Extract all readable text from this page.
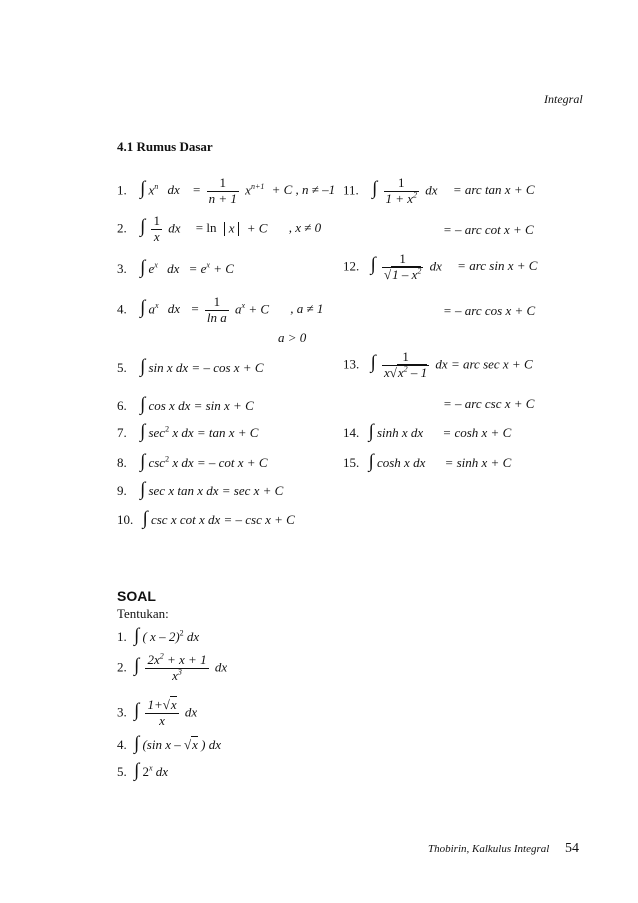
Integral
4.1 Rumus Dasar
1. ∫ $x^n$ dx = $\frac{1}{n + 1} x^{n+1} + C$ , n ≠ –1
2. ∫ $\frac{1}{x}$ dx = ln x + C , x ≠ 0
3. ∫ $e^x$ dx = $e^x + C$
4. ∫ $a^x$ dx = $\frac{1}{\text{ln a}} a^x + C$ , a ≠ 1
a > 0
5. ∫ sin x dx = – cos x + C
6. ∫ cos x dx = sin x + C
7. ∫ $\sec^2 x$ dx = tan x + C
8. ∫ $\csc^2 x$ dx = – cot x + C
9. ∫ sec x tan x dx = sec x + C
10. ∫ csc x cot x dx = – csc x + C
11. ∫ $\frac{1}{1 + x^2}$ dx = arc tan x + C
= – arc cot x + C
12. ∫ $\frac{1}{√1 - x^2}$ dx = arc sin x + C
= – arc cos x + C
13. ∫ $\frac{1}{x√x^2 - 1}$ dx = arc sec x + C
= – arc csc x + C
14. ∫ sinh x dx = cosh x + C
15. ∫ cosh x dx = sinh x + C
SOAL
Tentukan:
1. ∫ ( x – 2)$^2$ dx
2. ∫ $\frac{2x^2 + x + 1}{x^3}$ dx
3. ∫ $\frac{1+√x}{x}$ dx
4. ∫ (sin x – √x ) dx
5. ∫ 2$^x$ dx
Thobirin, Kalkulus Integral 54
